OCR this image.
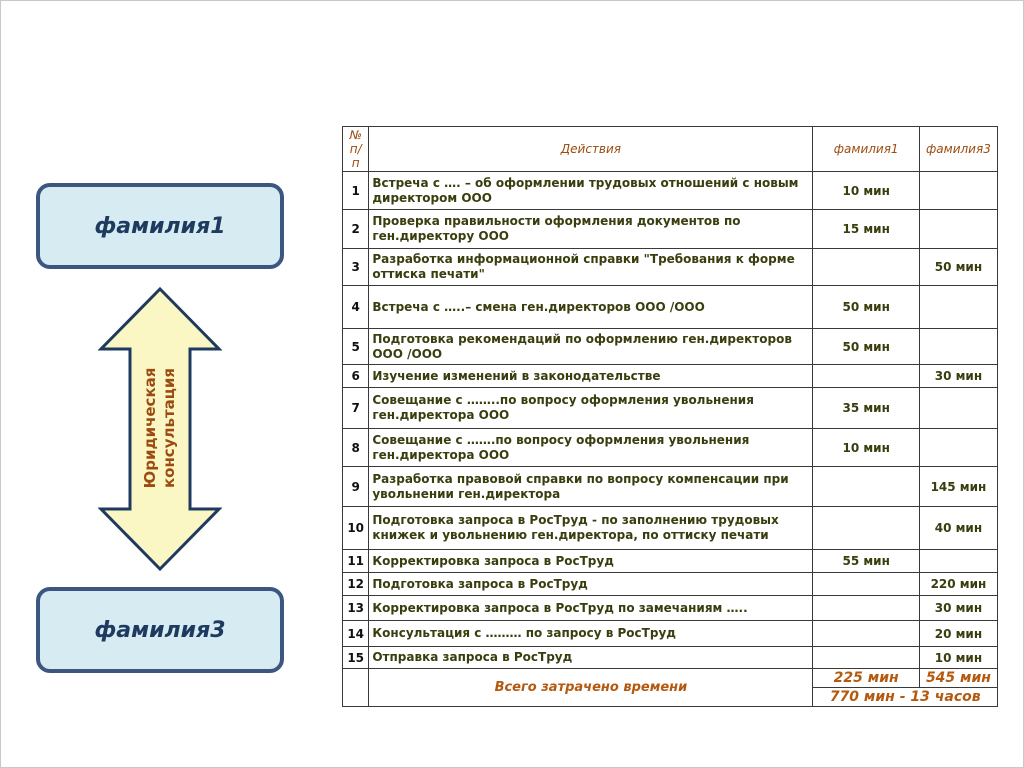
фамилия1
Юридическая консультация
фамилия3
№ п/п	Действия	фамилия1	фамилия3
1	Встреча с …. – об оформлении трудовых отношений с новым директором ООО	10 мин	
2	Проверка правильности оформления документов по ген.директору ООО	15 мин	
3	Разработка информационной справки "Требования к форме оттиска печати"		50 мин
4	Встреча с …..– смена ген.директоров ООО /ООО	50 мин	
5	Подготовка рекомендаций по оформлению ген.директоров ООО /ООО	50 мин	
6	Изучение изменений в законодательстве		30 мин
7	Совещание с ……..по вопросу оформления увольнения ген.директора ООО	35 мин	
8	Совещание с …….по вопросу оформления увольнения ген.директора ООО	10 мин	
9	Разработка правовой справки по вопросу компенсации при увольнении ген.директора		145 мин
10	Подготовка запроса в РосТруд - по заполнению трудовых книжек и увольнению ген.директора, по оттиску печати		40 мин
11	Корректировка запроса в РосТруд	55 мин	
12	Подготовка запроса в РосТруд		220 мин
13	Корректировка запроса в РосТруд по замечаниям …..		30 мин
14	Консультация с ……… по запросу в РосТруд		20 мин
15	Отправка запроса в РосТруд		10 мин
	Всего затрачено времени	225 мин	545 мин
		770 мин - 13 часов	
